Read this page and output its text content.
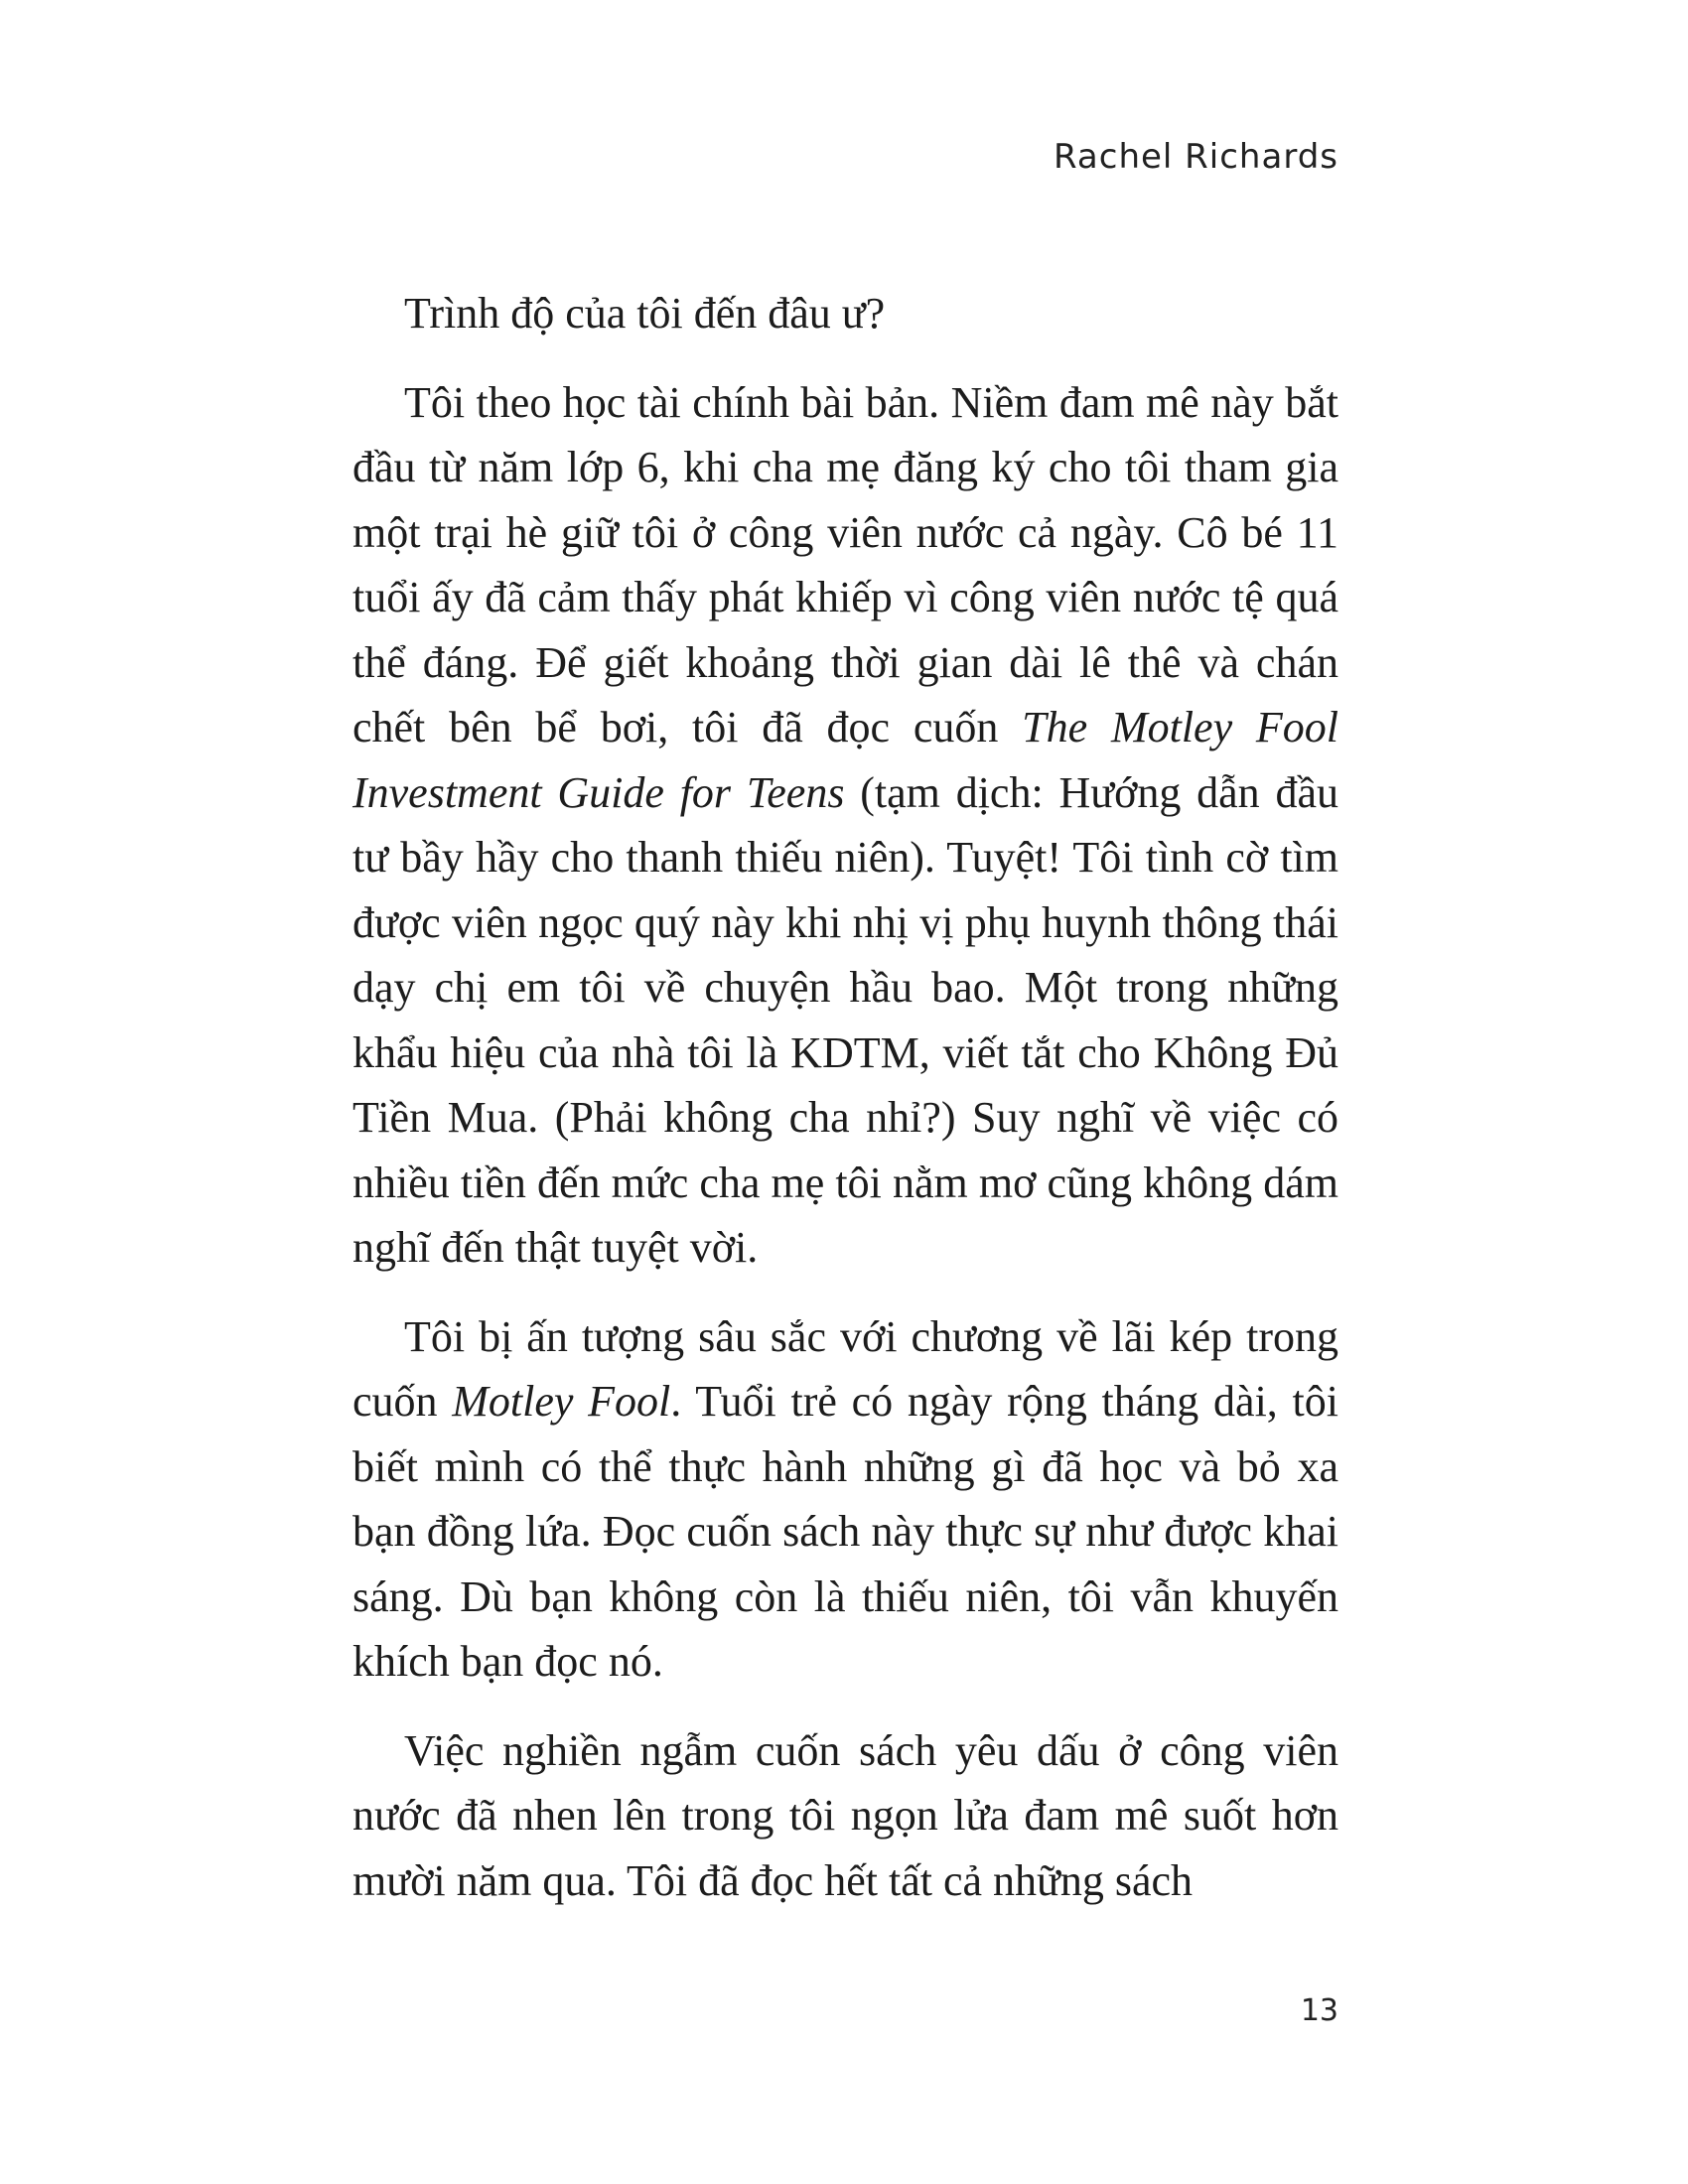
Rachel Richards

Trình độ của tôi đến đâu ư?

Tôi theo học tài chính bài bản. Niềm đam mê này bắt đầu từ năm lớp 6, khi cha mẹ đăng ký cho tôi tham gia một trại hè giữ tôi ở công viên nước cả ngày. Cô bé 11 tuổi ấy đã cảm thấy phát khiếp vì công viên nước tệ quá thể đáng. Để giết khoảng thời gian dài lê thê và chán chết bên bể bơi, tôi đã đọc cuốn The Motley Fool Investment Guide for Teens (tạm dịch: Hướng dẫn đầu tư bầy hầy cho thanh thiếu niên). Tuyệt! Tôi tình cờ tìm được viên ngọc quý này khi nhị vị phụ huynh thông thái dạy chị em tôi về chuyện hầu bao. Một trong những khẩu hiệu của nhà tôi là KDTM, viết tắt cho Không Đủ Tiền Mua. (Phải không cha nhỉ?) Suy nghĩ về việc có nhiều tiền đến mức cha mẹ tôi nằm mơ cũng không dám nghĩ đến thật tuyệt vời.

Tôi bị ấn tượng sâu sắc với chương về lãi kép trong cuốn Motley Fool. Tuổi trẻ có ngày rộng tháng dài, tôi biết mình có thể thực hành những gì đã học và bỏ xa bạn đồng lứa. Đọc cuốn sách này thực sự như được khai sáng. Dù bạn không còn là thiếu niên, tôi vẫn khuyến khích bạn đọc nó.

Việc nghiền ngẫm cuốn sách yêu dấu ở công viên nước đã nhen lên trong tôi ngọn lửa đam mê suốt hơn mười năm qua. Tôi đã đọc hết tất cả những sách

13
